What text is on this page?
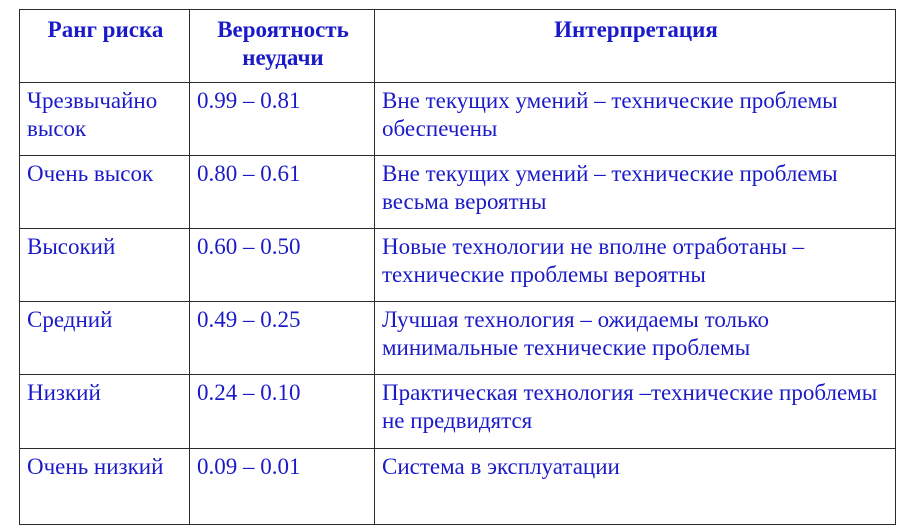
Ранг риска	Вероятность неудачи	Интерпретация
Чрезвычайно высок	0.99 – 0.81	Вне текущих умений – технические проблемы обеспечены
Очень высок	0.80 – 0.61	Вне текущих умений – технические проблемы весьма вероятны
Высокий	0.60 – 0.50	Новые технологии не вполне отработаны – технические проблемы вероятны
Средний	0.49 – 0.25	Лучшая технология – ожидаемы только минимальные технические проблемы
Низкий	0.24 – 0.10	Практическая технология –технические проблемы не предвидятся
Очень низкий	0.09 – 0.01	Система в эксплуатации
